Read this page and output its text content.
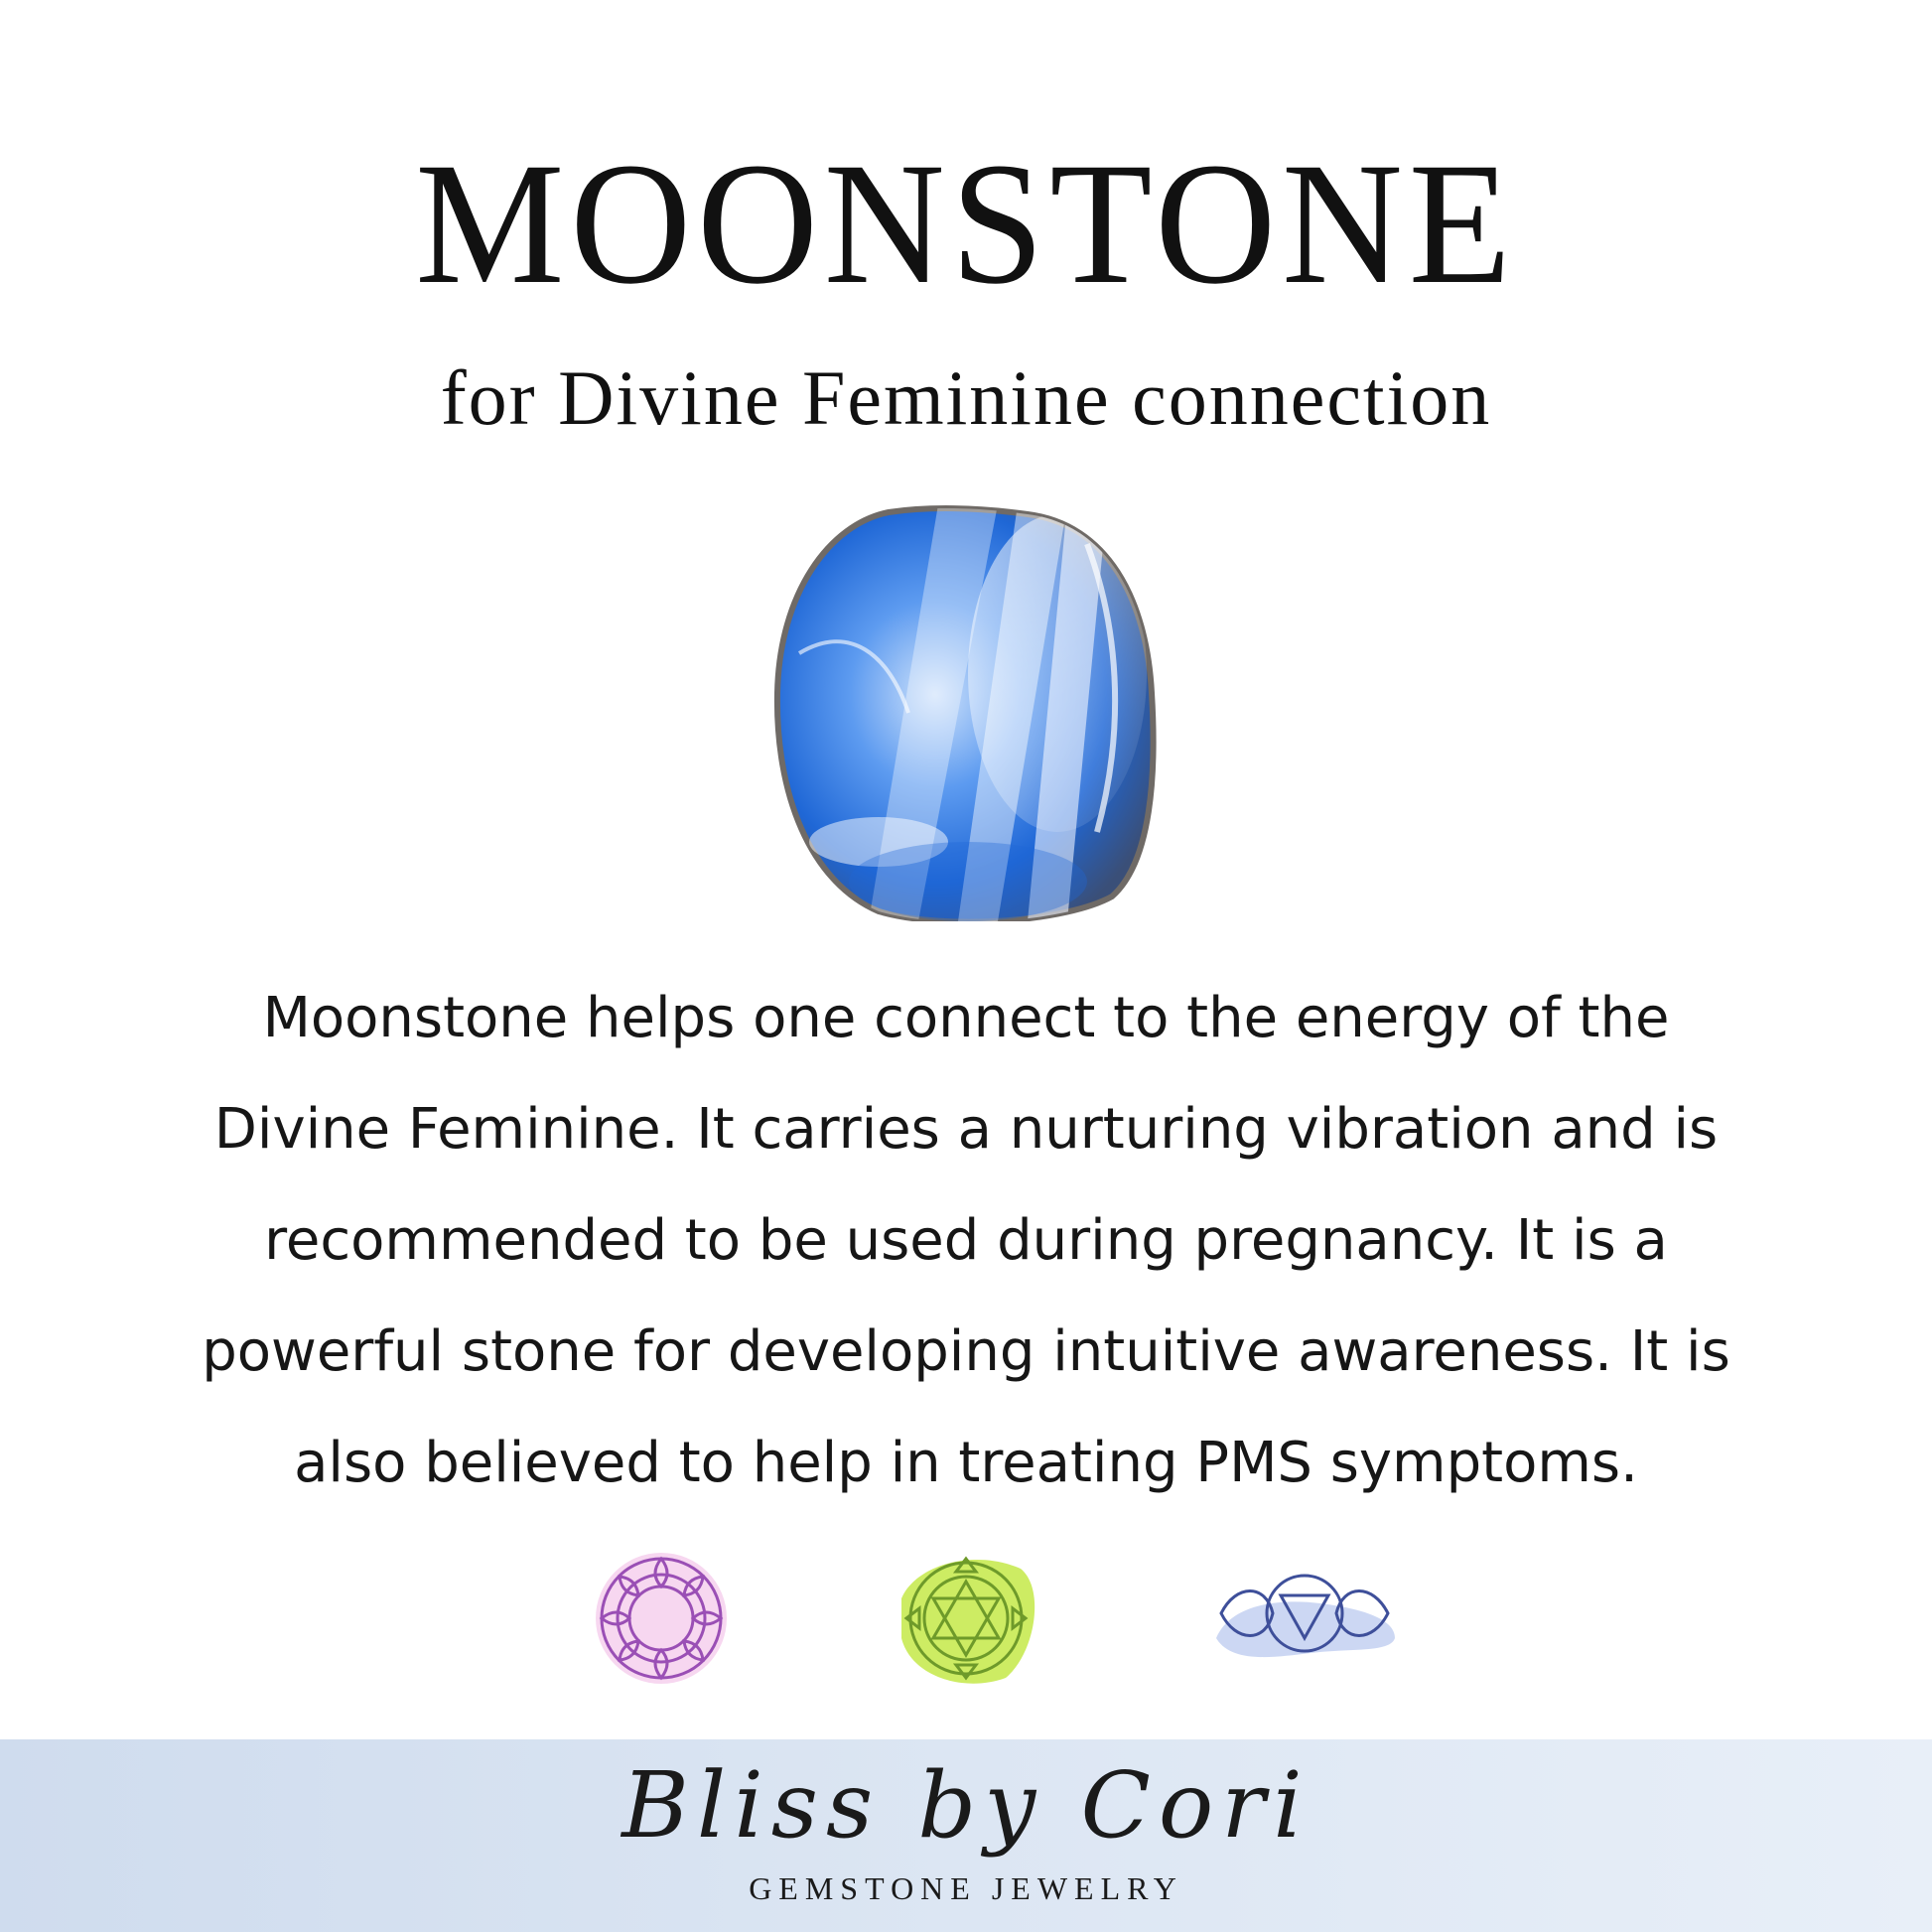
MOONSTONE
for Divine Feminine connection
Moonstone helps one connect to the energy of the Divine Feminine. It carries a nurturing vibration and is recommended to be used during pregnancy. It is a powerful stone for developing intuitive awareness. It is also believed to help in treating PMS symptoms.
Bliss by Cori
GEMSTONE JEWELRY
